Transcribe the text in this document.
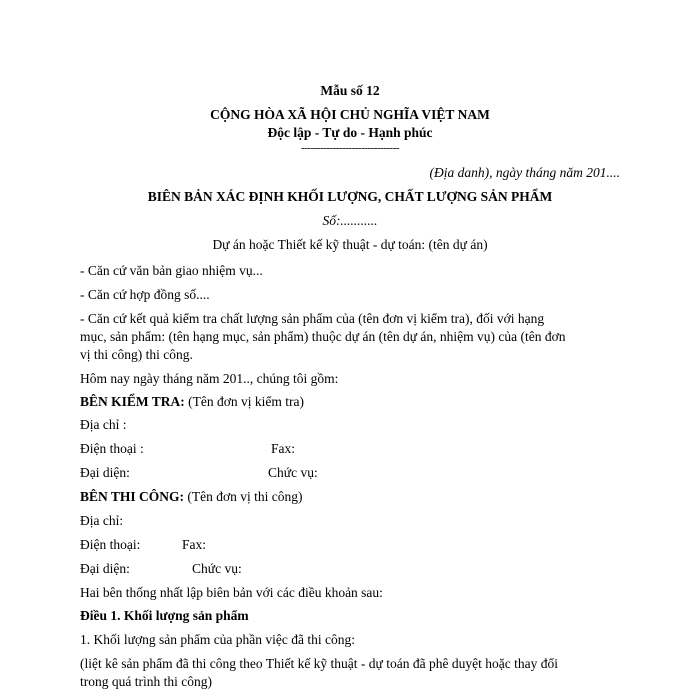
Mẫu số 12
CỘNG HÒA XÃ HỘI CHỦ NGHĨA VIỆT NAM
Độc lập - Tự do - Hạnh phúc
-------------------------------
(Địa danh), ngày tháng năm 201....
BIÊN BẢN XÁC ĐỊNH KHỐI LƯỢNG, CHẤT LƯỢNG SẢN PHẨM
Số:...........
Dự án hoặc Thiết kế kỹ thuật - dự toán: (tên dự án)
- Căn cứ văn bản giao nhiệm vụ...
- Căn cứ hợp đồng số....
- Căn cứ kết quả kiểm tra chất lượng sản phẩm của (tên đơn vị kiểm tra), đối với hạng
mục, sản phẩm: (tên hạng mục, sản phẩm) thuộc dự án (tên dự án, nhiệm vụ) của (tên đơn
vị thi công) thi công.
Hôm nay ngày tháng năm 201.., chúng tôi gồm:
BÊN KIỂM TRA: (Tên đơn vị kiểm tra)
Địa chỉ :
Điện thoại :	Fax:
Đại diện:	Chức vụ:
BÊN THI CÔNG: (Tên đơn vị thi công)
Địa chỉ:
Điện thoại:	Fax:
Đại diện:	Chức vụ:
Hai bên thống nhất lập biên bản với các điều khoản sau:
Điều 1. Khối lượng sản phẩm
1. Khối lượng sản phẩm của phần việc đã thi công:
(liệt kê sản phẩm đã thi công theo Thiết kế kỹ thuật - dự toán đã phê duyệt hoặc thay đổi
trong quá trình thi công)
